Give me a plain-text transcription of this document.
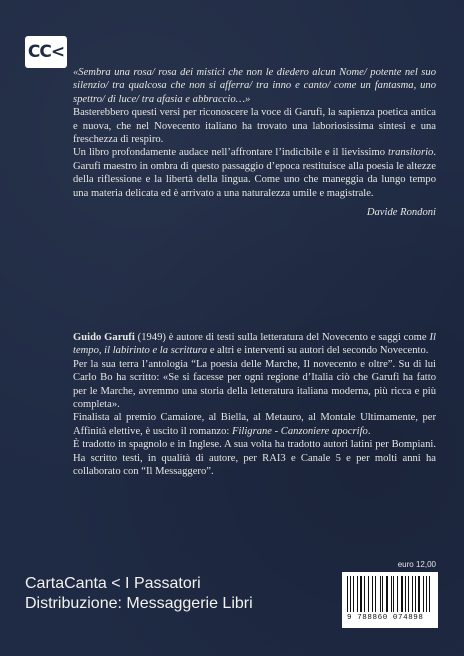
CC<

«Sembra una rosa/ rosa dei mistici che non le diedero alcun Nome/ potente nel suo silenzio/ tra qualcosa che non si afferra/ tra inno e canto/ come un fantasma, uno spettro/ di luce/ tra afasia e abbraccio…»

Basterebbero questi versi per riconoscere la voce di Garufi, la sapienza poetica antica e nuova, che nel Novecento italiano ha trovato una laboriosissima sintesi e una freschezza di respiro.

Un libro profondamente audace nell’affrontare l’indicibile e il lievissimo transitorio. Garufi maestro in ombra di questo passaggio d’epoca restituisce alla poesia le altezze della riflessione e la libertà della lingua. Come uno che maneggia da lungo tempo una materia delicata ed è arrivato a una naturalezza umile e magistrale.

Davide Rondoni

Guido Garufi (1949) è autore di testi sulla letteratura del Novecento e saggi come Il tempo, il labirinto e la scrittura e altri e interventi su autori del secondo Novecento.

Per la sua terra l’antologia “La poesia delle Marche, Il novecento e oltre”. Su di lui Carlo Bo ha scritto: «Se si facesse per ogni regione d’Italia ciò che Garufi ha fatto per le Marche, avremmo una storia della letteratura italiana moderna, più ricca e più completa».

Finalista al premio Camaiore, al Biella, al Metauro, al Montale Ultimamente, per Affinità elettive, è uscito il romanzo: Filigrane - Canzoniere apocrifo.

È tradotto in spagnolo e in Inglese. A sua volta ha tradotto autori latini per Bompiani. Ha scritto testi, in qualità di autore, per RAI3 e Canale 5 e per molti anni ha collaborato con “Il Messaggero”.

CartaCanta < I Passatori
Distribuzione: Messaggerie Libri
euro 12,00
9 788860 074898
